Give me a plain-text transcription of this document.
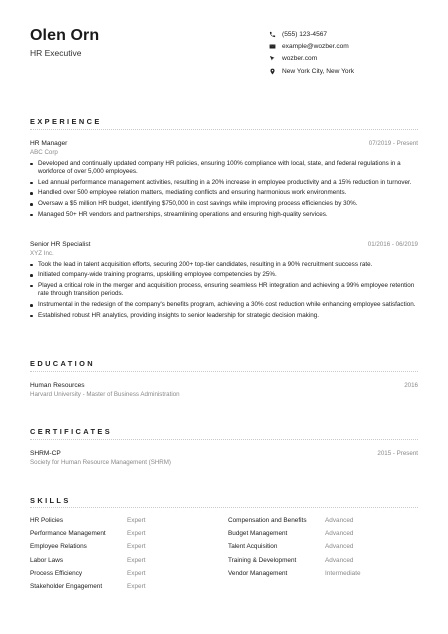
Olen Orn
HR Executive
(555) 123-4567
example@wozber.com
wozber.com
New York City, New York
EXPERIENCE
HR Manager	07/2019 - Present
ABC Corp
Developed and continually updated company HR policies, ensuring 100% compliance with local, state, and federal regulations in a workforce of over 5,000 employees.
Led annual performance management activities, resulting in a 20% increase in employee productivity and a 15% reduction in turnover.
Handled over 500 employee relation matters, mediating conflicts and ensuring harmonious work environments.
Oversaw a $5 million HR budget, identifying $750,000 in cost savings while improving process efficiencies by 30%.
Managed 50+ HR vendors and partnerships, streamlining operations and ensuring high-quality services.
Senior HR Specialist	01/2016 - 06/2019
XYZ Inc.
Took the lead in talent acquisition efforts, securing 200+ top-tier candidates, resulting in a 90% recruitment success rate.
Initiated company-wide training programs, upskilling employee competencies by 25%.
Played a critical role in the merger and acquisition process, ensuring seamless HR integration and achieving a 99% employee retention rate through transition periods.
Instrumental in the redesign of the company's benefits program, achieving a 30% cost reduction while enhancing employee satisfaction.
Established robust HR analytics, providing insights to senior leadership for strategic decision making.
EDUCATION
Human Resources	2016
Harvard University - Master of Business Administration
CERTIFICATES
SHRM-CP	2015 - Present
Society for Human Resource Management (SHRM)
SKILLS
HR Policies	Expert
Performance Management	Expert
Employee Relations	Expert
Labor Laws	Expert
Process Efficiency	Expert
Stakeholder Engagement	Expert
Compensation and Benefits	Advanced
Budget Management	Advanced
Talent Acquisition	Advanced
Training & Development	Advanced
Vendor Management	Intermediate
